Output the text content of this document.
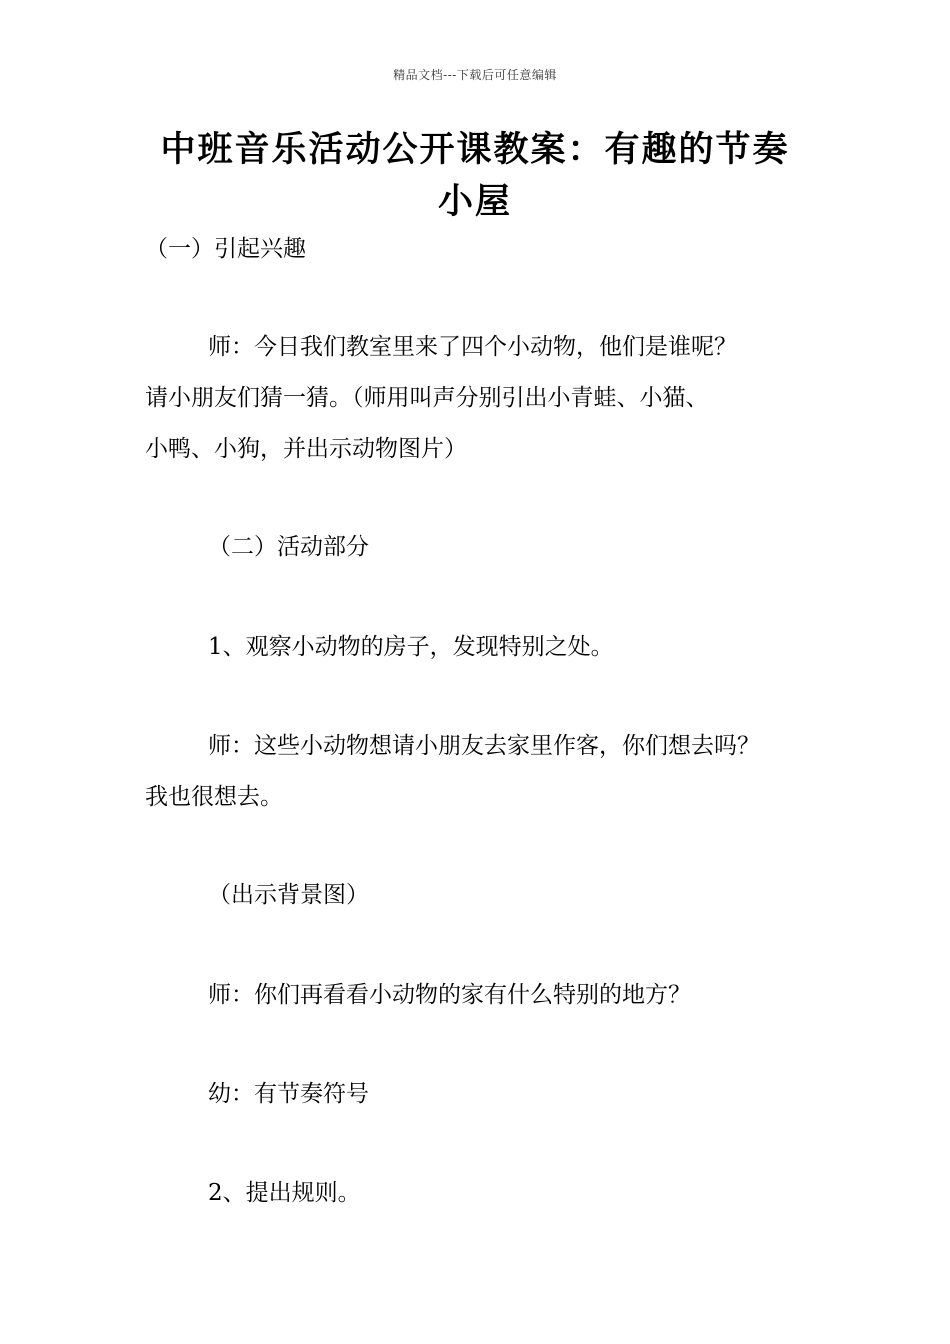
精品文档---下载后可任意编辑
中班音乐活动公开课教案：有趣的节奏
小屋
（一）引起兴趣
师：今日我们教室里来了四个小动物，他们是谁呢？
请小朋友们猜一猜。（师用叫声分别引出小青蛙、小猫、
小鸭、小狗，并出示动物图片）
（二）活动部分
1、观察小动物的房子，发现特别之处。
师：这些小动物想请小朋友去家里作客，你们想去吗？
我也很想去。
（出示背景图）
师：你们再看看小动物的家有什么特别的地方？
幼：有节奏符号
2、提出规则。
